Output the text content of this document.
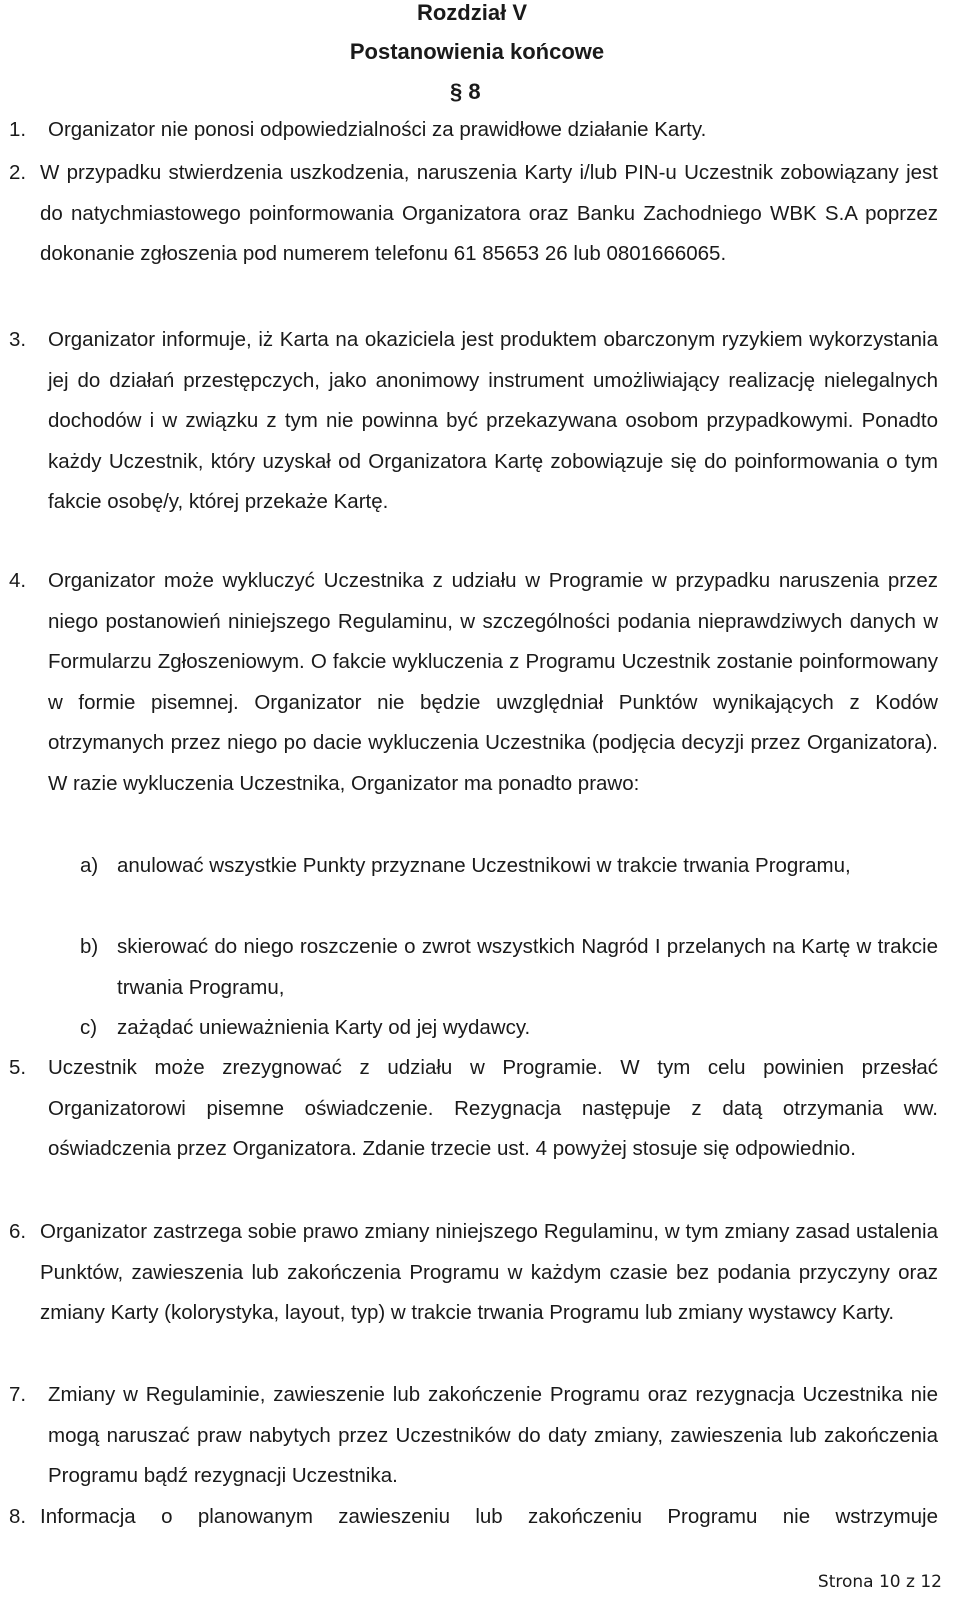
Rozdział V
Postanowienia końcowe
§ 8
1. Organizator nie ponosi odpowiedzialności za prawidłowe działanie Karty.
2. W przypadku stwierdzenia uszkodzenia, naruszenia Karty i/lub PIN-u Uczestnik zobowiązany jest do natychmiastowego poinformowania Organizatora oraz Banku Zachodniego WBK S.A poprzez dokonanie zgłoszenia pod numerem telefonu 61 85653 26 lub 0801666065.
3. Organizator informuje, iż Karta na okaziciela jest produktem obarczonym ryzykiem wykorzystania jej do działań przestępczych, jako anonimowy instrument umożliwiający realizację nielegalnych dochodów i w związku z tym nie powinna być przekazywana osobom przypadkowymi. Ponadto każdy Uczestnik, który uzyskał od Organizatora Kartę zobowiązuje się do poinformowania o tym fakcie osobę/y, której przekaże Kartę.
4. Organizator może wykluczyć Uczestnika z udziału w Programie w przypadku naruszenia przez niego postanowień niniejszego Regulaminu, w szczególności podania nieprawdziwych danych w Formularzu Zgłoszeniowym. O fakcie wykluczenia z Programu Uczestnik zostanie poinformowany w formie pisemnej. Organizator nie będzie uwzględniał Punktów wynikających z Kodów otrzymanych przez niego po dacie wykluczenia Uczestnika (podjęcia decyzji przez Organizatora). W razie wykluczenia Uczestnika, Organizator ma ponadto prawo:
a) anulować wszystkie Punkty przyznane Uczestnikowi w trakcie trwania Programu,
b) skierować do niego roszczenie o zwrot wszystkich Nagród I przelanych na Kartę w trakcie trwania Programu,
c) zażądać unieważnienia Karty od jej wydawcy.
5. Uczestnik może zrezygnować z udziału w Programie. W tym celu powinien przesłać Organizatorowi pisemne oświadczenie. Rezygnacja następuje z datą otrzymania ww. oświadczenia przez Organizatora. Zdanie trzecie ust. 4 powyżej stosuje się odpowiednio.
6. Organizator zastrzega sobie prawo zmiany niniejszego Regulaminu, w tym zmiany zasad ustalenia Punktów, zawieszenia lub zakończenia Programu w każdym czasie bez podania przyczyny oraz zmiany Karty (kolorystyka, layout, typ) w trakcie trwania Programu lub zmiany wystawcy Karty.
7. Zmiany w Regulaminie, zawieszenie lub zakończenie Programu oraz rezygnacja Uczestnika nie mogą naruszać praw nabytych przez Uczestników do daty zmiany, zawieszenia lub zakończenia Programu bądź rezygnacji Uczestnika.
8. Informacja o planowanym zawieszeniu lub zakończeniu Programu nie wstrzymuje
Strona 10 z 12
